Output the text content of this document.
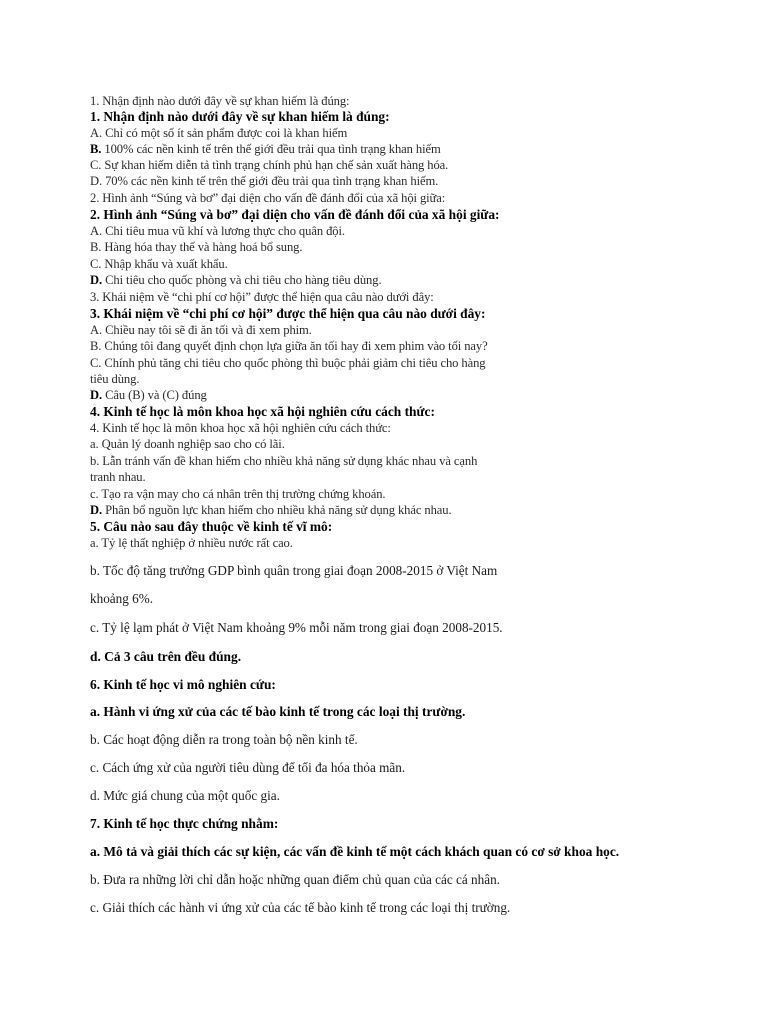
1. Nhận định nào dưới đây về sự khan hiếm là đúng:
1. Nhận định nào dưới đây về sự khan hiếm là đúng:
A. Chỉ có một số ít sản phẩm được coi là khan hiếm
B. 100% các nền kinh tế trên thế giới đều trải qua tình trạng khan hiếm
C. Sự khan hiếm diễn tả tình trạng chính phủ hạn chế sản xuất hàng hóa.
D. 70% các nền kinh tế trên thế giới đều trải qua tình trạng khan hiếm.
2. Hình ảnh “Súng và bơ” đại diện cho vấn đề đánh đổi của xã hội giữa:
2. Hình ảnh “Súng và bơ” đại diện cho vấn đề đánh đổi của xã hội giữa:
A. Chi tiêu mua vũ khí và lương thực cho quân đội.
B. Hàng hóa thay thế và hàng hoá bổ sung.
C. Nhập khẩu và xuất khẩu.
D. Chi tiêu cho quốc phòng và chi tiêu cho hàng tiêu dùng.
3. Khái niệm về “chi phí cơ hội” được thể hiện qua câu nào dưới đây:
3. Khái niệm về “chi phí cơ hội” được thể hiện qua câu nào dưới đây:
A. Chiều nay tôi sẽ đi ăn tối và đi xem phim.
B. Chúng tôi đang quyết định chọn lựa giữa ăn tối hay đi xem phim vào tối nay?
C. Chính phủ tăng chi tiêu cho quốc phòng thì buộc phải giảm chi tiêu cho hàng
tiêu dùng.
D. Câu (B) và (C) đúng
4. Kinh tế học là môn khoa học xã hội nghiên cứu cách thức:
4. Kinh tế học là môn khoa học xã hội nghiên cứu cách thức:
a. Quản lý doanh nghiệp sao cho có lãi.
b. Lẫn tránh vấn đề khan hiếm cho nhiều khả năng sử dụng khác nhau và cạnh
tranh nhau.
c. Tạo ra vận may cho cá nhân trên thị trường chứng khoán.
D. Phân bổ nguồn lực khan hiếm cho nhiều khả năng sử dụng khác nhau.
5. Câu nào sau đây thuộc về kinh tế vĩ mô:
a. Tỷ lệ thất nghiệp ở nhiều nước rất cao.
b. Tốc độ tăng trưởng GDP bình quân trong giai đoạn 2008-2015 ở Việt Nam
khoảng 6%.
c. Tỷ lệ lạm phát ở Việt Nam khoảng 9% mỗi năm trong giai đoạn 2008-2015.
d. Cả 3 câu trên đều đúng.
6. Kinh tế học vi mô nghiên cứu:
a. Hành vi ứng xử của các tế bào kinh tế trong các loại thị trường.
b. Các hoạt động diễn ra trong toàn bộ nền kinh tế.
c. Cách ứng xử của người tiêu dùng để tối đa hóa thỏa mãn.
d. Mức giá chung của một quốc gia.
7. Kinh tế học thực chứng nhằm:
a. Mô tả và giải thích các sự kiện, các vấn đề kinh tế một cách khách quan có cơ sở khoa học.
b. Đưa ra những lời chỉ dẫn hoặc những quan điểm chủ quan của các cá nhân.
c. Giải thích các hành vi ứng xử của các tế bào kinh tế trong các loại thị trường.
